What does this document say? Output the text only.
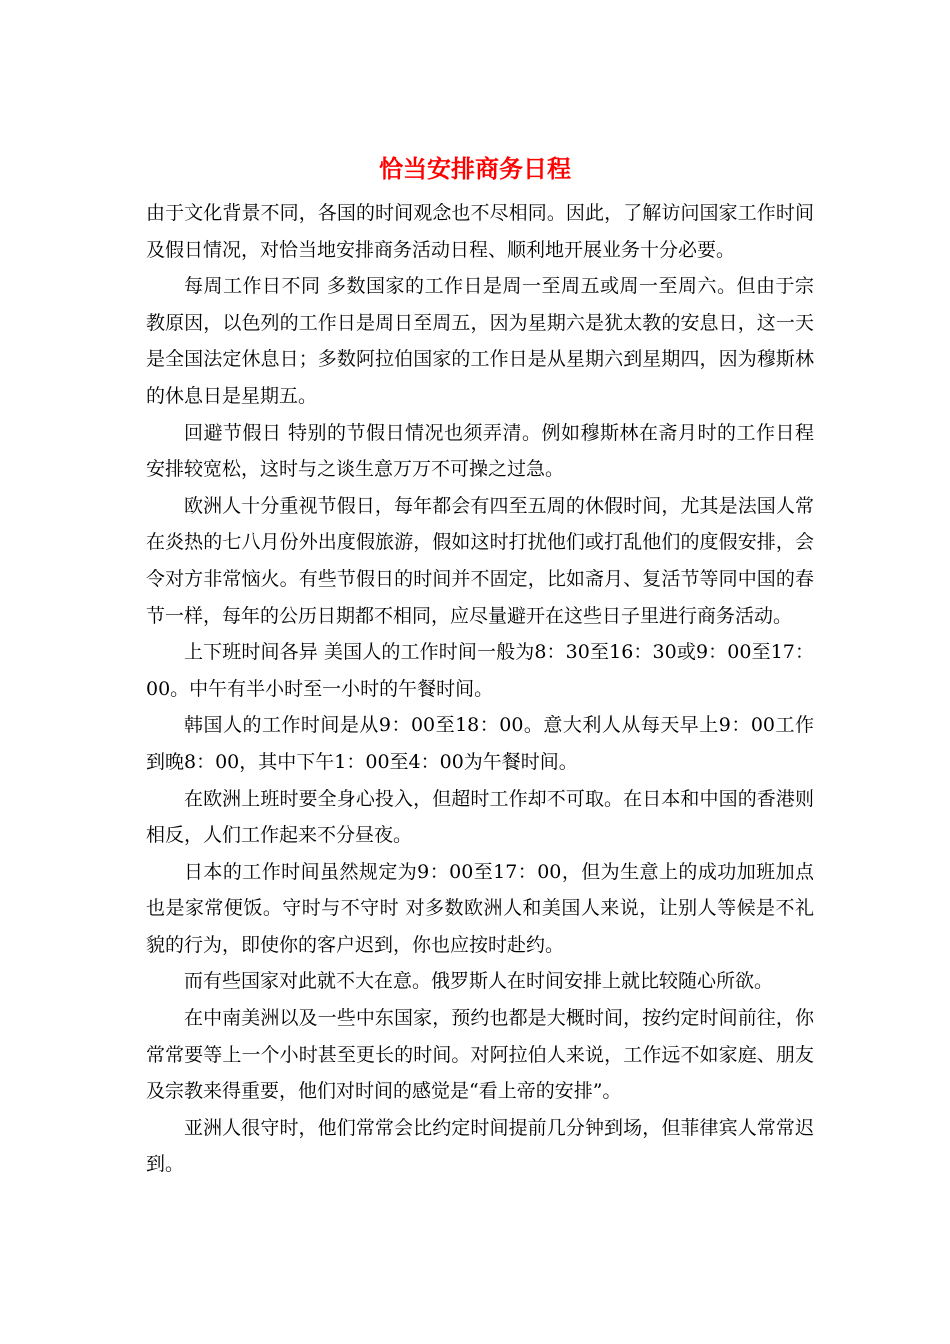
恰当安排商务日程

由于文化背景不同，各国的时间观念也不尽相同。因此，了解访问国家工作时间及假日情况，对恰当地安排商务活动日程、顺利地开展业务十分必要。

每周工作日不同 多数国家的工作日是周一至周五或周一至周六。但由于宗教原因，以色列的工作日是周日至周五，因为星期六是犹太教的安息日，这一天是全国法定休息日；多数阿拉伯国家的工作日是从星期六到星期四，因为穆斯林的休息日是星期五。

回避节假日 特别的节假日情况也须弄清。例如穆斯林在斋月时的工作日程安排较宽松，这时与之谈生意万万不可操之过急。

欧洲人十分重视节假日，每年都会有四至五周的休假时间，尤其是法国人常在炎热的七八月份外出度假旅游，假如这时打扰他们或打乱他们的度假安排，会令对方非常恼火。有些节假日的时间并不固定，比如斋月、复活节等同中国的春节一样，每年的公历日期都不相同，应尽量避开在这些日子里进行商务活动。

上下班时间各异 美国人的工作时间一般为8：30至16：30或9：00至17：00。中午有半小时至一小时的午餐时间。

韩国人的工作时间是从9：00至18：00。意大利人从每天早上9：00工作到晚8：00，其中下午1：00至4：00为午餐时间。

在欧洲上班时要全身心投入，但超时工作却不可取。在日本和中国的香港则相反，人们工作起来不分昼夜。

日本的工作时间虽然规定为9：00至17：00，但为生意上的成功加班加点也是家常便饭。守时与不守时 对多数欧洲人和美国人来说，让别人等候是不礼貌的行为，即使你的客户迟到，你也应按时赴约。

而有些国家对此就不大在意。俄罗斯人在时间安排上就比较随心所欲。

在中南美洲以及一些中东国家，预约也都是大概时间，按约定时间前往，你常常要等上一个小时甚至更长的时间。对阿拉伯人来说，工作远不如家庭、朋友及宗教来得重要，他们对时间的感觉是“看上帝的安排”。

亚洲人很守时，他们常常会比约定时间提前几分钟到场，但菲律宾人常常迟到。
